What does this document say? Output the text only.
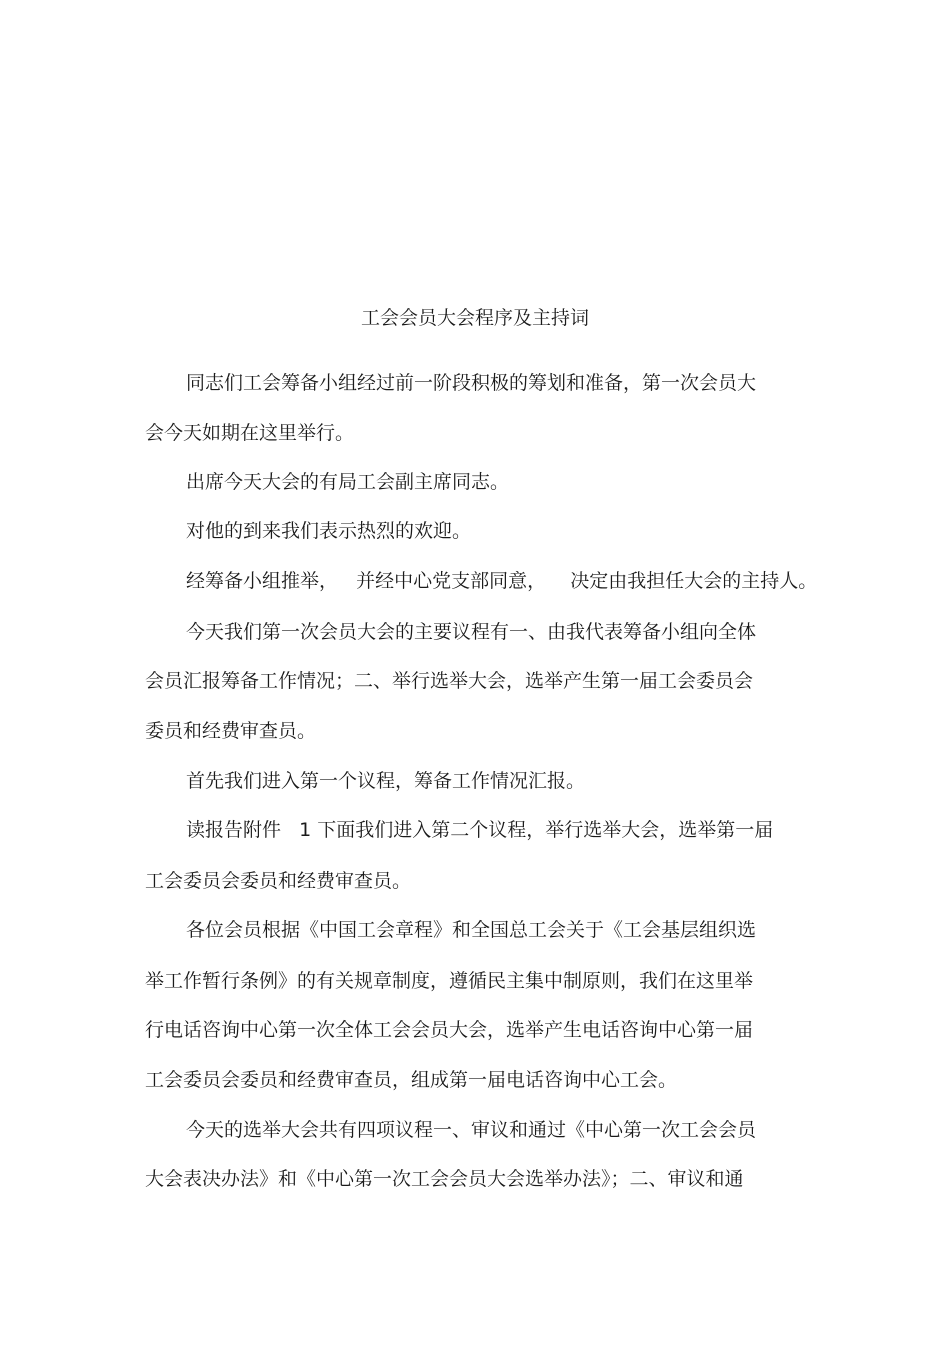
工会会员大会程序及主持词
同志们工会筹备小组经过前一阶段积极的筹划和准备，第一次会员大
会今天如期在这里举行。
出席今天大会的有局工会副主席同志。
对他的到来我们表示热烈的欢迎。
经筹备小组推举，   并经中心党支部同意，    决定由我担任大会的主持人。
今天我们第一次会员大会的主要议程有一、由我代表筹备小组向全体
会员汇报筹备工作情况；二、举行选举大会，选举产生第一届工会委员会
委员和经费审查员。
首先我们进入第一个议程，筹备工作情况汇报。
读报告附件   1 下面我们进入第二个议程，举行选举大会，选举第一届
工会委员会委员和经费审查员。
各位会员根据《中国工会章程》和全国总工会关于《工会基层组织选
举工作暂行条例》的有关规章制度，遵循民主集中制原则，我们在这里举
行电话咨询中心第一次全体工会会员大会，选举产生电话咨询中心第一届
工会委员会委员和经费审查员，组成第一届电话咨询中心工会。
今天的选举大会共有四项议程一、审议和通过《中心第一次工会会员
大会表决办法》和《中心第一次工会会员大会选举办法》；二、审议和通
